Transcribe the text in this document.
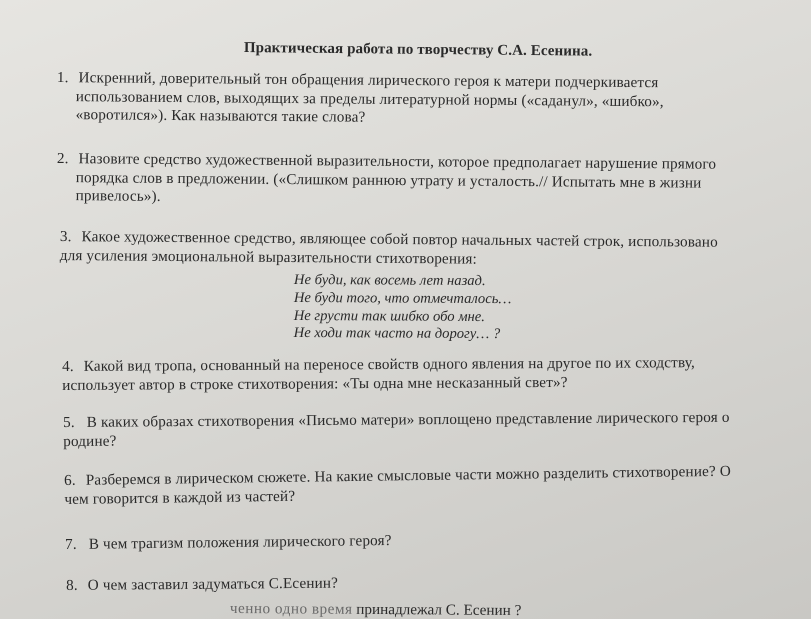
Практическая работа по творчеству С.А. Есенина.
1. Искренний, доверительный тон обращения лирического героя к матери подчеркивается
использованием слов, выходящих за пределы литературной нормы («саданул», «шибко»,
«воротился»). Как называются такие слова?
2. Назовите средство художественной выразительности, которое предполагает нарушение прямого
порядка слов в предложении. («Слишком раннюю утрату и усталость.// Испытать мне в жизни
привелось»).
3. Какое художественное средство, являющее собой повтор начальных частей строк, использовано
для усиления эмоциональной выразительности стихотворения:
Не буди, как восемь лет назад.
Не буди того, что отмечталось…
Не грусти так шибко обо мне.
Не ходи так часто на дорогу… ?
4. Какой вид тропа, основанный на переносе свойств одного явления на другое по их сходству,
использует автор в строке стихотворения: «Ты одна мне несказанный свет»?
5. В каких образах стихотворения «Письмо матери» воплощено представление лирического героя о
родине?
6. Разберемся в лирическом сюжете. На какие смысловые части можно разделить стихотворение? О
чем говорится в каждой из частей?
7. В чем трагизм положения лирического героя?
8. О чем заставил задуматься С.Есенин?
ченно одно время принадлежал С. Есенин ?
